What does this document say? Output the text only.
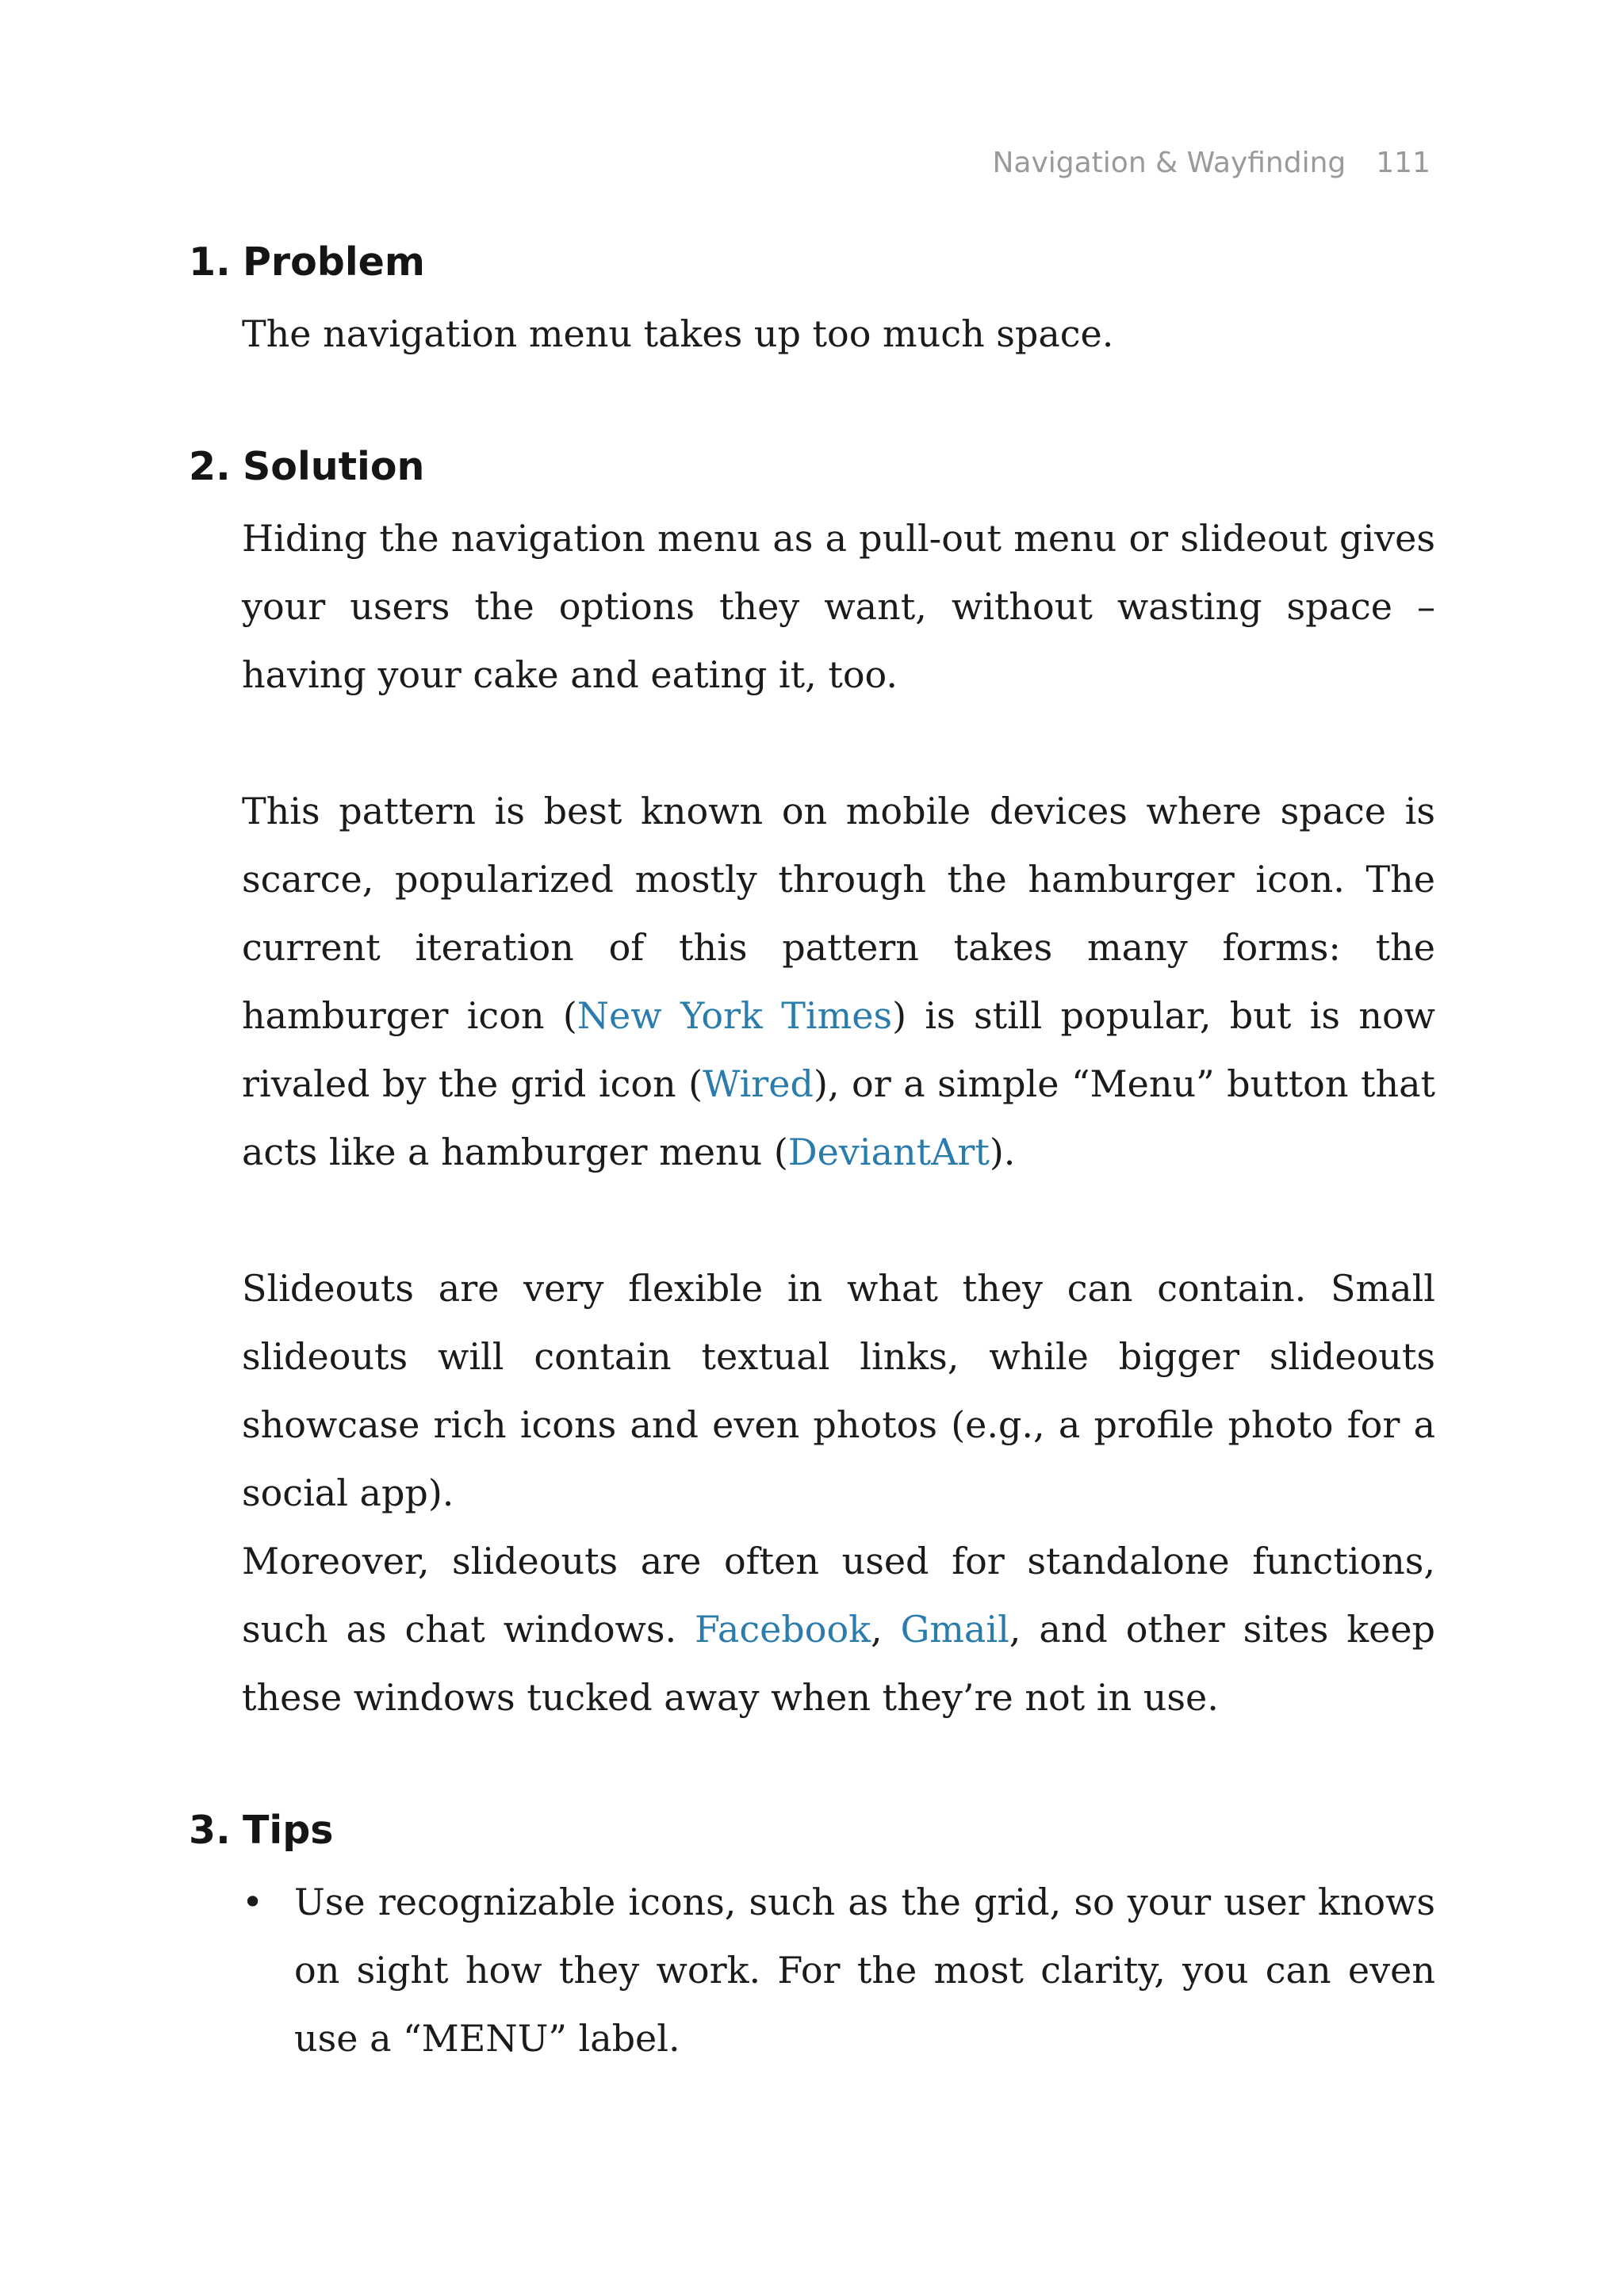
Navigation & Wayfinding 111
1. Problem
The navigation menu takes up too much space.
2. Solution
Hiding the navigation menu as a pull-out menu or slideout gives your users the options they want, without wasting space – having your cake and eating it, too.
This pattern is best known on mobile devices where space is scarce, popularized mostly through the hamburger icon. The current iteration of this pattern takes many forms: the hamburger icon (New York Times) is still popular, but is now rivaled by the grid icon (Wired), or a simple “Menu” button that acts like a hamburger menu (DeviantArt).
Slideouts are very flexible in what they can contain. Small slideouts will contain textual links, while bigger slideouts showcase rich icons and even photos (e.g., a profile photo for a social app).
Moreover, slideouts are often used for standalone functions, such as chat windows. Facebook, Gmail, and other sites keep these windows tucked away when they’re not in use.
3. Tips
• Use recognizable icons, such as the grid, so your user knows on sight how they work. For the most clarity, you can even use a “MENU” label.
